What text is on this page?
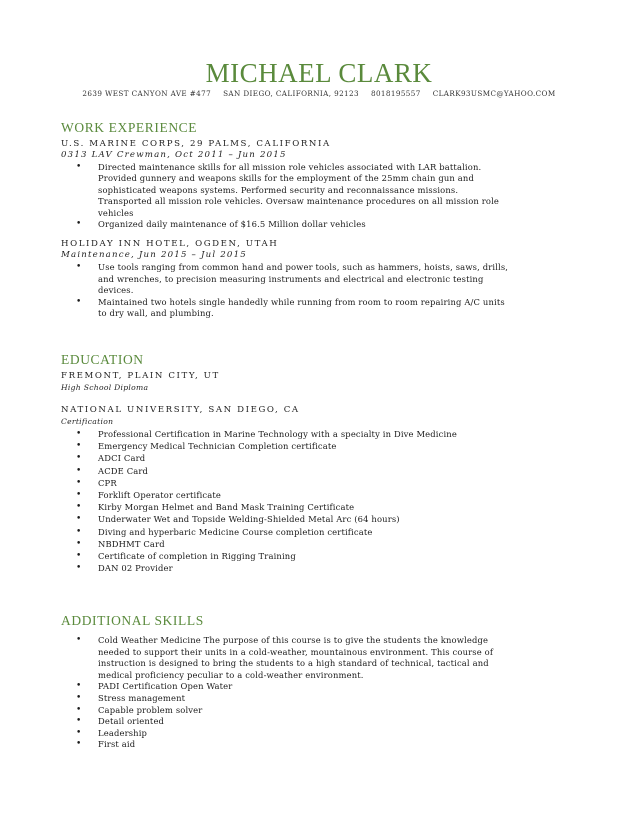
MICHAEL CLARK
2639 WEST CANYON AVE #477 SAN DIEGO, CALIFORNIA, 92123 8018195557 CLARK93USMC@YAHOO.COM
WORK EXPERIENCE
U.S. MARINE CORPS, 29 PALMS, CALIFORNIA
0313 LAV Crewman, Oct 2011 – Jun 2015
• Directed maintenance skills for all mission role vehicles associated with LAR battalion.
Provided gunnery and weapons skills for the employment of the 25mm chain gun and
sophisticated weapons systems. Performed security and reconnaissance missions.
Transported all mission role vehicles. Oversaw maintenance procedures on all mission role
vehicles
• Organized daily maintenance of $16.5 Million dollar vehicles
HOLIDAY INN HOTEL, OGDEN, UTAH
Maintenance, Jun 2015 – Jul 2015
• Use tools ranging from common hand and power tools, such as hammers, hoists, saws, drills,
and wrenches, to precision measuring instruments and electrical and electronic testing
devices.
• Maintained two hotels single handedly while running from room to room repairing A/C units
to dry wall, and plumbing.
EDUCATION
FREMONT, PLAIN CITY, UT
High School Diploma
NATIONAL UNIVERSITY, SAN DIEGO, CA
Certification
• Professional Certification in Marine Technology with a specialty in Dive Medicine
• Emergency Medical Technician Completion certificate
• ADCI Card
• ACDE Card
• CPR
• Forklift Operator certificate
• Kirby Morgan Helmet and Band Mask Training Certificate
• Underwater Wet and Topside Welding-Shielded Metal Arc (64 hours)
• Diving and hyperbaric Medicine Course completion certificate
• NBDHMT Card
• Certificate of completion in Rigging Training
• DAN 02 Provider
ADDITIONAL SKILLS
• Cold Weather Medicine The purpose of this course is to give the students the knowledge
needed to support their units in a cold-weather, mountainous environment. This course of
instruction is designed to bring the students to a high standard of technical, tactical and
medical proficiency peculiar to a cold-weather environment.
• PADI Certification Open Water
• Stress management
• Capable problem solver
• Detail oriented
• Leadership
• First aid
